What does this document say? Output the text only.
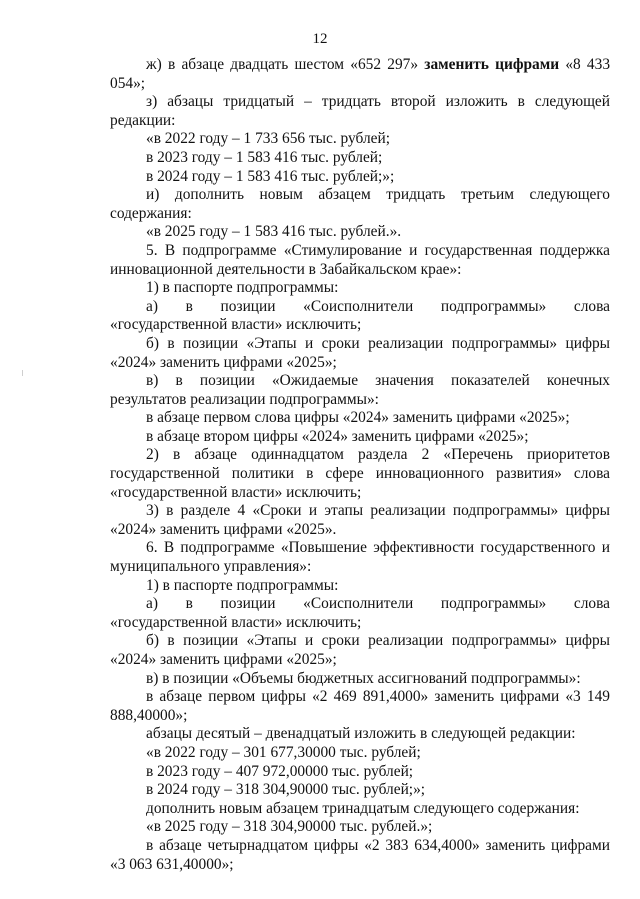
12

ж) в абзаце двадцать шестом «652 297» заменить цифрами «8 433 054»;

з) абзацы тридцатый – тридцать второй изложить в следующей редакции:

«в 2022 году – 1 733 656 тыс. рублей;

в 2023 году – 1 583 416 тыс. рублей;

в 2024 году – 1 583 416 тыс. рублей;»;

и) дополнить новым абзацем тридцать третьим следующего содержания:

«в 2025 году – 1 583 416 тыс. рублей.».

5. В подпрограмме «Стимулирование и государственная поддержка инновационной деятельности в Забайкальском крае»:

1) в паспорте подпрограммы:

а) в позиции «Соисполнители подпрограммы» слова «государственной власти» исключить;

б) в позиции «Этапы и сроки реализации подпрограммы» цифры «2024» заменить цифрами «2025»;

в) в позиции «Ожидаемые значения показателей конечных результатов реализации подпрограммы»:

в абзаце первом слова цифры «2024» заменить цифрами «2025»;

в абзаце втором цифры «2024» заменить цифрами «2025»;

2) в абзаце одиннадцатом раздела 2 «Перечень приоритетов государственной политики в сфере инновационного развития» слова «государственной власти» исключить;

3) в разделе 4 «Сроки и этапы реализации подпрограммы» цифры «2024» заменить цифрами «2025».

6. В подпрограмме «Повышение эффективности государственного и муниципального управления»:

1) в паспорте подпрограммы:

а) в позиции «Соисполнители подпрограммы» слова «государственной власти» исключить;

б) в позиции «Этапы и сроки реализации подпрограммы» цифры «2024» заменить цифрами «2025»;

в) в позиции «Объемы бюджетных ассигнований подпрограммы»:

в абзаце первом цифры «2 469 891,4000» заменить цифрами «3 149 888,40000»;

абзацы десятый – двенадцатый изложить в следующей редакции:

«в 2022 году – 301 677,30000 тыс. рублей;

в 2023 году – 407 972,00000 тыс. рублей;

в 2024 году – 318 304,90000 тыс. рублей;»;

дополнить новым абзацем тринадцатым следующего содержания:

«в 2025 году – 318 304,90000 тыс. рублей.»;

в абзаце четырнадцатом цифры «2 383 634,4000» заменить цифрами «3 063 631,40000»;
